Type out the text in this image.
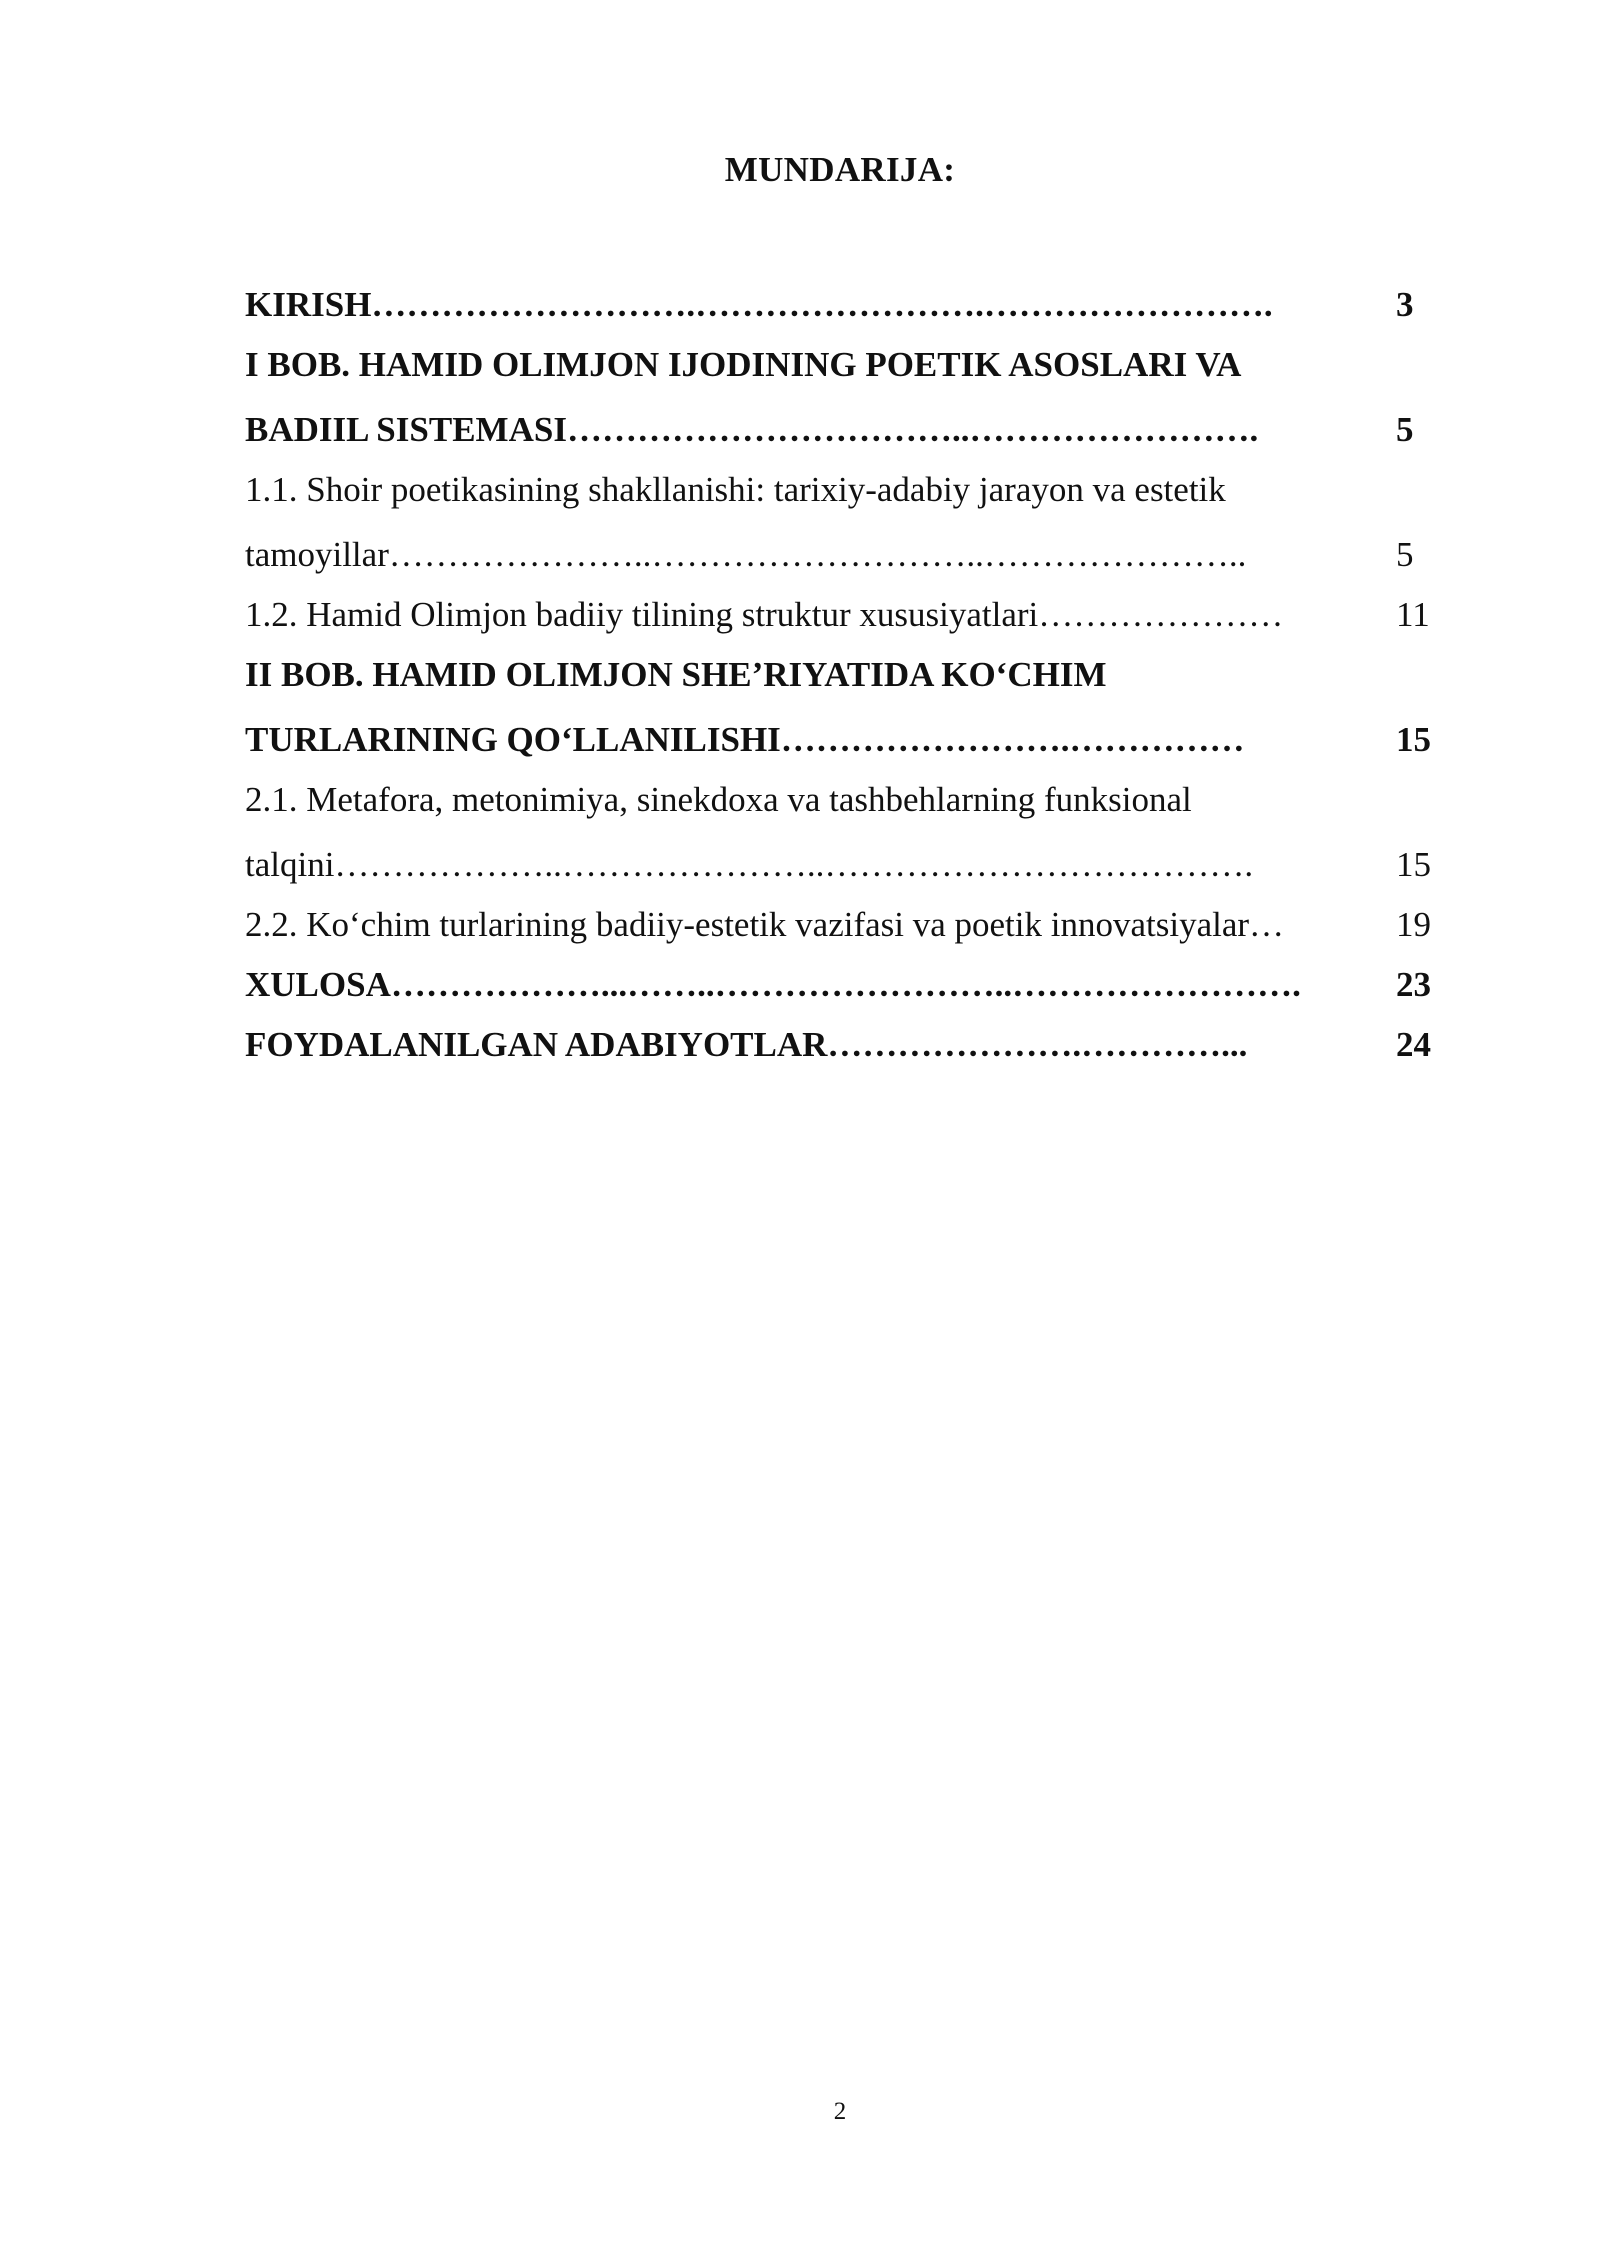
MUNDARIJA:
KIRISH……………………….…………………….…………………….	3
I BOB. HAMID OLIMJON IJODINING POETIK ASOSLARI VA
BADIIL SISTEMASI……………………………..…………………….	5
1.1. Shoir poetikasining shakllanishi: tarixiy-adabiy jarayon va estetik
tamoyillar…………………..………………………..…………………..	5
1.2. Hamid Olimjon badiiy tilining struktur xususiyatlari…………………	11
II BOB. HAMID OLIMJON SHE’RIYATIDA KO‘CHIM
TURLARINING QO‘LLANILISHI…………………….……………	15
2.1. Metafora, metonimiya, sinekdoxa va tashbehlarning funksional
talqini………………..…………………..……………………………….	15
2.2. Ko‘chim turlarining badiiy-estetik vazifasi va poetik innovatsiyalar…	19
XULOSA………………...……..……………………..…………………….	23
FOYDALANILGAN ADABIYOTLAR………………….…………...	24
2
